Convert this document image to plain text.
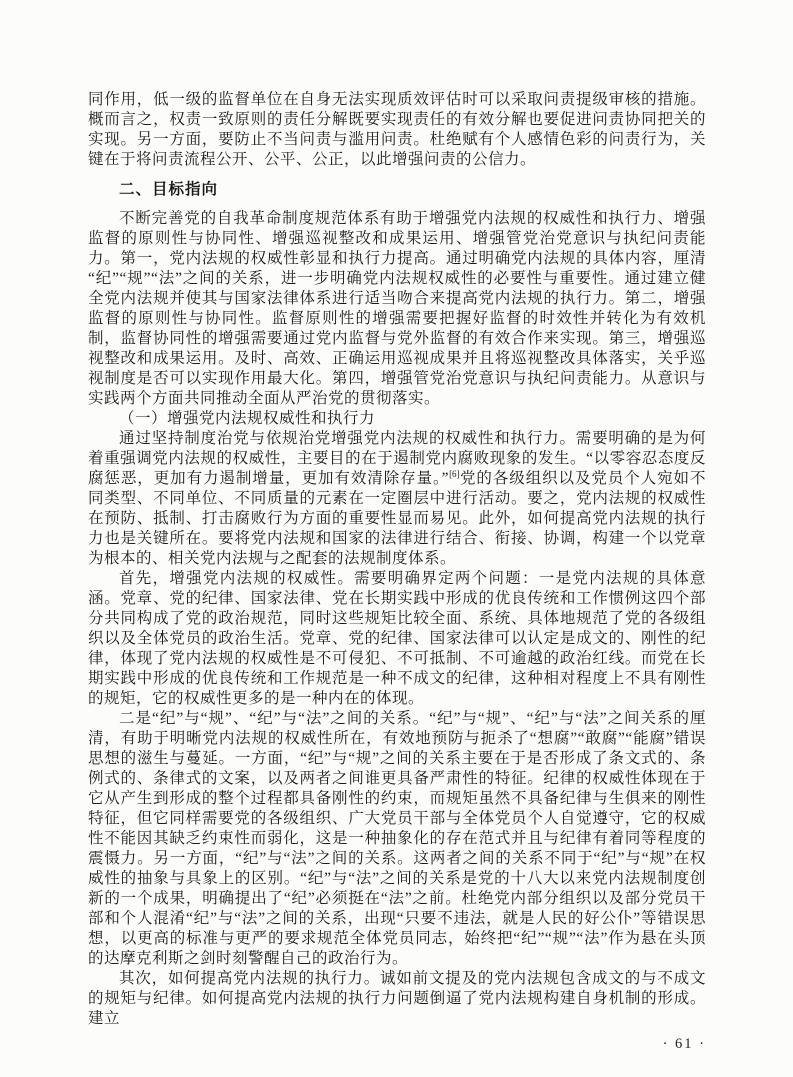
同作用，低一级的监督单位在自身无法实现质效评估时可以采取问责提级审核的措施。概而言之，权责一致原则的责任分解既要实现责任的有效分解也要促进问责协同把关的实现。另一方面，要防止不当问责与滥用问责。杜绝赋有个人感情色彩的问责行为，关键在于将问责流程公开、公平、公正，以此增强问责的公信力。

二、目标指向

不断完善党的自我革命制度规范体系有助于增强党内法规的权威性和执行力、增强监督的原则性与协同性、增强巡视整改和成果运用、增强管党治党意识与执纪问责能力。第一，党内法规的权威性彰显和执行力提高。通过明确党内法规的具体内容，厘清“纪”“规”“法”之间的关系，进一步明确党内法规权威性的必要性与重要性。通过建立健全党内法规并使其与国家法律体系进行适当吻合来提高党内法规的执行力。第二，增强监督的原则性与协同性。监督原则性的增强需要把握好监督的时效性并转化为有效机制，监督协同性的增强需要通过党内监督与党外监督的有效合作来实现。第三，增强巡视整改和成果运用。及时、高效、正确运用巡视成果并且将巡视整改具体落实，关乎巡视制度是否可以实现作用最大化。第四，增强管党治党意识与执纪问责能力。从意识与实践两个方面共同推动全面从严治党的贯彻落实。

（一）增强党内法规权威性和执行力

通过坚持制度治党与依规治党增强党内法规的权威性和执行力。需要明确的是为何着重强调党内法规的权威性，主要目的在于遏制党内腐败现象的发生。“以零容忍态度反腐惩恶，更加有力遏制增量，更加有效清除存量。”[6]党的各级组织以及党员个人宛如不同类型、不同单位、不同质量的元素在一定圈层中进行活动。要之，党内法规的权威性在预防、抵制、打击腐败行为方面的重要性显而易见。此外，如何提高党内法规的执行力也是关键所在。要将党内法规和国家的法律进行结合、衔接、协调，构建一个以党章为根本的、相关党内法规与之配套的法规制度体系。

首先，增强党内法规的权威性。需要明确界定两个问题：一是党内法规的具体意涵。党章、党的纪律、国家法律、党在长期实践中形成的优良传统和工作惯例这四个部分共同构成了党的政治规范，同时这些规矩比较全面、系统、具体地规范了党的各级组织以及全体党员的政治生活。党章、党的纪律、国家法律可以认定是成文的、刚性的纪律，体现了党内法规的权威性是不可侵犯、不可抵制、不可逾越的政治红线。而党在长期实践中形成的优良传统和工作规范是一种不成文的纪律，这种相对程度上不具有刚性的规矩，它的权威性更多的是一种内在的体现。

二是“纪”与“规”、“纪”与“法”之间的关系。“纪”与“规”、“纪”与“法”之间关系的厘清，有助于明晰党内法规的权威性所在，有效地预防与扼杀了“想腐”“敢腐”“能腐”错误思想的滋生与蔓延。一方面，“纪”与“规”之间的关系主要在于是否形成了条文式的、条例式的、条律式的文案，以及两者之间谁更具备严肃性的特征。纪律的权威性体现在于它从产生到形成的整个过程都具备刚性的约束，而规矩虽然不具备纪律与生俱来的刚性特征，但它同样需要党的各级组织、广大党员干部与全体党员个人自觉遵守，它的权威性不能因其缺乏约束性而弱化，这是一种抽象化的存在范式并且与纪律有着同等程度的震慑力。另一方面，“纪”与“法”之间的关系。这两者之间的关系不同于“纪”与“规”在权威性的抽象与具象上的区别。“纪”与“法”之间的关系是党的十八大以来党内法规制度创新的一个成果，明确提出了“纪”必须挺在“法”之前。杜绝党内部分组织以及部分党员干部和个人混淆“纪”与“法”之间的关系，出现“只要不违法，就是人民的好公仆”等错误思想，以更高的标准与更严的要求规范全体党员同志，始终把“纪”“规”“法”作为悬在头顶的达摩克利斯之剑时刻警醒自己的政治行为。

其次，如何提高党内法规的执行力。诚如前文提及的党内法规包含成文的与不成文的规矩与纪律。如何提高党内法规的执行力问题倒逼了党内法规构建自身机制的形成。建立

· 61 ·
